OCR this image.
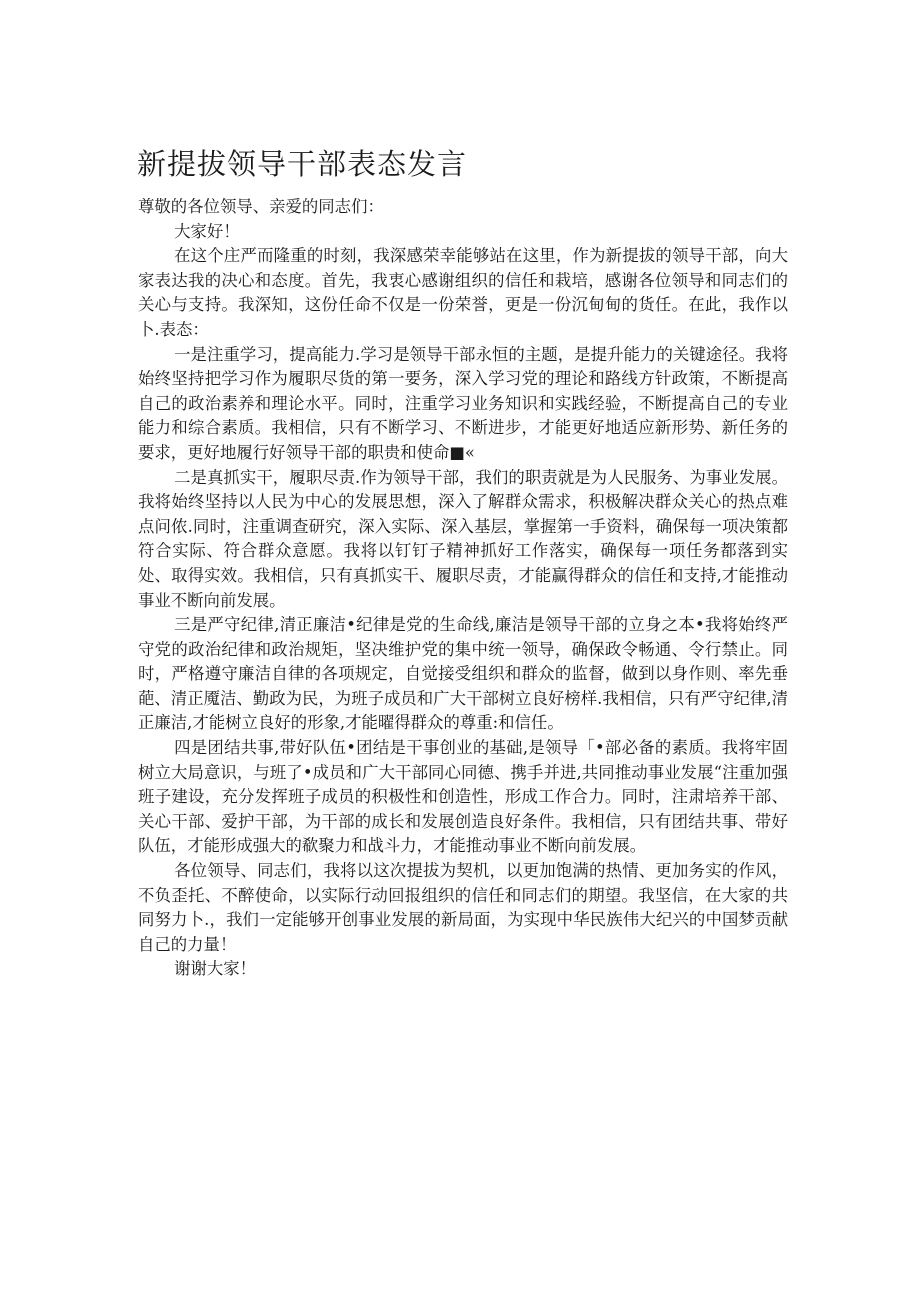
新提拔领导干部表态发言

尊敬的各位领导、亲爱的同志们：

大家好！

在这个庄严而隆重的时刻，我深感荣幸能够站在这里，作为新提拔的领导干部，向大家表达我的决心和态度。首先，我衷心感谢组织的信任和栽培，感谢各位领导和同志们的关心与支持。我深知，这份任命不仅是一份荣誉，更是一份沉甸甸的货任。在此，我作以卜.表态：

一是注重学习，提高能力.学习是领导干部永恒的主题，是提升能力的关键途径。我将始终坚持把学习作为履职尽货的第一要务，深入学习党的理论和路线方针政策，不断提高自己的政治素养和理论水平。同时，注重学习业务知识和实践经验，不断提高自己的专业能力和综合素质。我相信，只有不断学习、不断进步，才能更好地适应新形势、新任务的要求，更好地履行好领导干部的职贵和使命■«

二是真抓实干，履职尽责.作为领导干部，我们的职责就是为人民服务、为事业发展。我将始终坚持以人民为中心的发展思想，深入了解群众需求，积极解决群众关心的热点难点问侬.同时，注重调查研究，深入实际、深入基层，掌握第一手资料，确保每一项决策都符合实际、符合群众意愿。我将以钉钉子精神抓好工作落实，确保每一项任务都落到实处、取得实效。我相信，只有真抓实干、履职尽责，才能赢得群众的信任和支持,才能推动事业不断向前发展。

三是严守纪律,清正廉洁•纪律是党的生命线,廉洁是领导干部的立身之本•我将始终严守党的政治纪律和政治规矩，坚决维护党的集中统一领导，确保政令畅通、令行禁止。同时，严格遵守廉洁自律的各项规定，自觉接受组织和群众的监督，做到以身作则、率先垂葩、清正魇洁、勤政为民，为班子成员和广大干部树立良好榜样.我相信，只有严守纪律,清正廉洁,才能树立良好的形象,才能曜得群众的尊重:和信任。

四是团结共事,带好队伍•团结是干事创业的基础,是领导「•部必备的素质。我将牢固树立大局意识，与班了•成员和广大干部同心同德、携手并进,共同推动事业发展“注重加强班子建设，充分发挥班子成员的积极性和创造性，形成工作合力。同时，注肃培养干部、关心干部、爱护干部，为干部的成长和发展创造良好条件。我相信，只有团结共事、带好队伍，才能形成强大的欷聚力和战斗力，才能推动事业不断向前发展。

各位领导、同志们，我将以这次提拔为契机，以更加饱满的热情、更加务实的作风，不负歪托、不醉使命，以实际行动回报组织的信任和同志们的期望。我坚信，在大家的共同努力卜.，我们一定能够开创事业发展的新局面，为实现中华民族伟大纪兴的中国梦贡献自己的力量！

谢谢大家！
